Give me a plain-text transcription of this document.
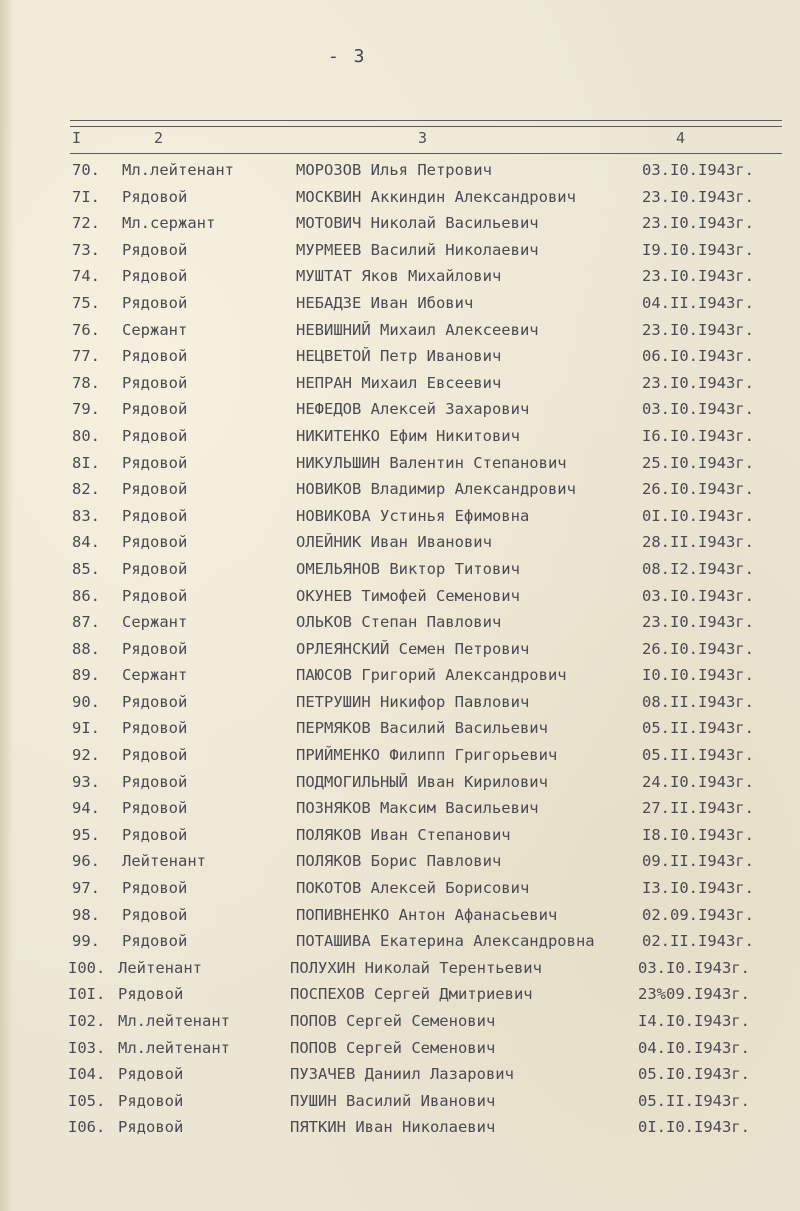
- 3
I	2	3	4
70. Мл.лейтенант	МОРОЗОВ Илья Петрович	03.I0.I943г.
7I. Рядовой	МОСКВИН Аккиндин Александрович	23.I0.I943г.
72. Мл.сержант	МОТОВИЧ Николай Васильевич	23.I0.I943г.
73. Рядовой	МУРМЕЕВ Василий Николаевич	I9.I0.I943г.
74. Рядовой	МУШТАТ Яков Михайлович	23.I0.I943г.
75. Рядовой	НЕБАДЗЕ Иван Ибович	04.II.I943г.
76. Сержант	НЕВИШНИЙ Михаил Алексеевич	23.I0.I943г.
77. Рядовой	НЕЦВЕТОЙ Петр Иванович	06.I0.I943г.
78. Рядовой	НЕПРАН Михаил Евсеевич	23.I0.I943г.
79. Рядовой	НЕФЕДОВ Алексей Захарович	03.I0.I943г.
80. Рядовой	НИКИТЕНКО Ефим Никитович	I6.I0.I943г.
8I. Рядовой	НИКУЛЬШИН Валентин Степанович	25.I0.I943г.
82. Рядовой	НОВИКОВ Владимир Александрович	26.I0.I943г.
83. Рядовой	НОВИКОВА Устинья Ефимовна	0I.I0.I943г.
84. Рядовой	ОЛЕЙНИК Иван Иванович	28.II.I943г.
85. Рядовой	ОМЕЛЬЯНОВ Виктор Титович	08.I2.I943г.
86. Рядовой	ОКУНЕВ Тимофей Семенович	03.I0.I943г.
87. Сержант	ОЛЬКОВ Степан Павлович	23.I0.I943г.
88. Рядовой	ОРЛЕЯНСКИЙ Семен Петрович	26.I0.I943г.
89. Сержант	ПАЮСОВ Григорий Александрович	I0.I0.I943г.
90. Рядовой	ПЕТРУШИН Никифор Павлович	08.II.I943г.
9I. Рядовой	ПЕРМЯКОВ Василий Васильевич	05.II.I943г.
92. Рядовой	ПРИЙМЕНКО Филипп Григорьевич	05.II.I943г.
93. Рядовой	ПОДМОГИЛЬНЫЙ Иван Кирилович	24.I0.I943г.
94. Рядовой	ПОЗНЯКОВ Максим Васильевич	27.II.I943г.
95. Рядовой	ПОЛЯКОВ Иван Степанович	I8.I0.I943г.
96. Лейтенант	ПОЛЯКОВ Борис Павлович	09.II.I943г.
97. Рядовой	ПОКОТОВ Алексей Борисович	I3.I0.I943г.
98. Рядовой	ПОПИВНЕНКО Антон Афанасьевич	02.09.I943г.
99. Рядовой	ПОТАШИВА Екатерина Александровна	02.II.I943г.
I00. Лейтенант	ПОЛУХИН Николай Терентьевич	03.I0.I943г.
I0I. Рядовой	ПОСПЕХОВ Сергей Дмитриевич	23%09.I943г.
I02. Мл.лейтенант	ПОПОВ Сергей Семенович	I4.I0.I943г.
I03. Мл.лейтенант	ПОПОВ Сергей Семенович	04.I0.I943г.
I04. Рядовой	ПУЗАЧЕВ Даниил Лазарович	05.I0.I943г.
I05. Рядовой	ПУШИН Василий Иванович	05.II.I943г.
I06. Рядовой	ПЯТКИН Иван Николаевич	0I.I0.I943г.
